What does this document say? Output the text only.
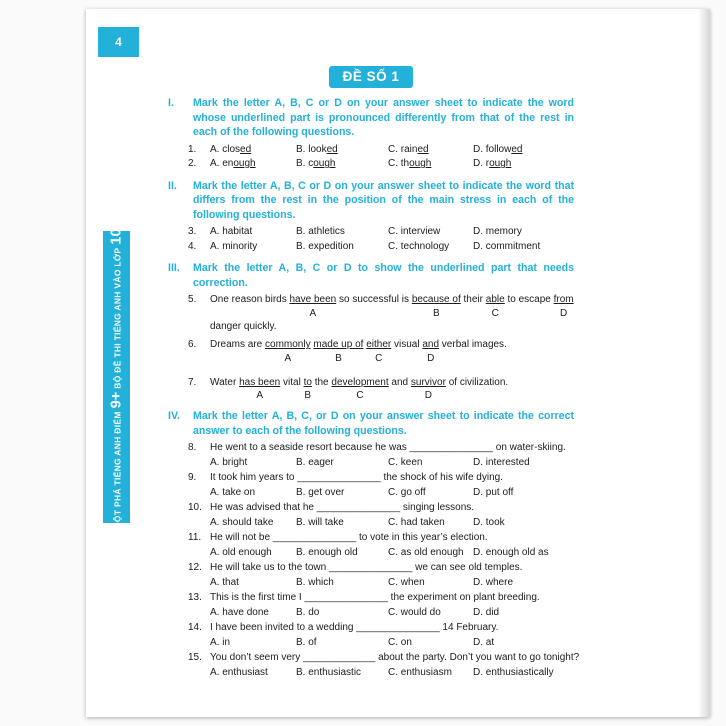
4
ĐỘT PHÁ TIẾNG ANH ĐIỂM
9+
BỘ ĐỀ THI TIẾNG ANH VÀO LỚP
10
ĐỀ SỐ 1
I.	Mark the letter A, B, C or D on your answer sheet to indicate the word whose underlined part is pronounced differently from that of the rest in each of the following questions.
1.	A. closed	B. looked	C. rained	D. followed
2.	A. enough	B. cough	C. though	D. rough
II.	Mark the letter A, B, C or D on your answer sheet to indicate the word that differs from the rest in the position of the main stress in each of the following questions.
3.	A. habitat	B. athletics	C. interview	D. memory
4.	A. minority	B. expedition	C. technology	D. commitment
III.	Mark the letter A, B, C or D to show the underlined part that needs correction.
5.	One reason birds have been
A
so successful is because of
B
their able
C
to escape from
D
danger quickly.
6.	Dreams are commonly
A

made up of
B

either
C
visual and
D
verbal images.
7.	Water has been
A
vital $\frac{to}{B}$ the development
C
and survivor
D
of civilization.
IV.	Mark the letter A, B, C, or D on your answer sheet to indicate the correct answer to each of the following questions.
8.	He went to a seaside resort because he was _______________ on water-skiing.
A. bright	B. eager	C. keen	D. interested
9.	It took him years to _______________ the shock of his wife dying.
A. take on	B. get over	C. go off	D. put off
10. He was advised that he _______________ singing lessons.
A. should take	B. will take	C. had taken	D. took
11. He will not be _______________ to vote in this year’s election.
A. old enough	B. enough old	C. as old enough D. enough old as
12. He will take us to the town _______________ we can see old temples.
A. that	B. which	C. when	D. where
13. This is the first time I _______________ the experiment on plant breeding.
A. have done	B. do	C. would do	D. did
14. I have been invited to a wedding _______________ 14 February.
A. in	B. of	C. on	D. at
15. You don’t seem very _____________ about the party. Don’t you want to go tonight?
A. enthusiast	B. enthusiastic	C. enthusiasm	D. enthusiastically
